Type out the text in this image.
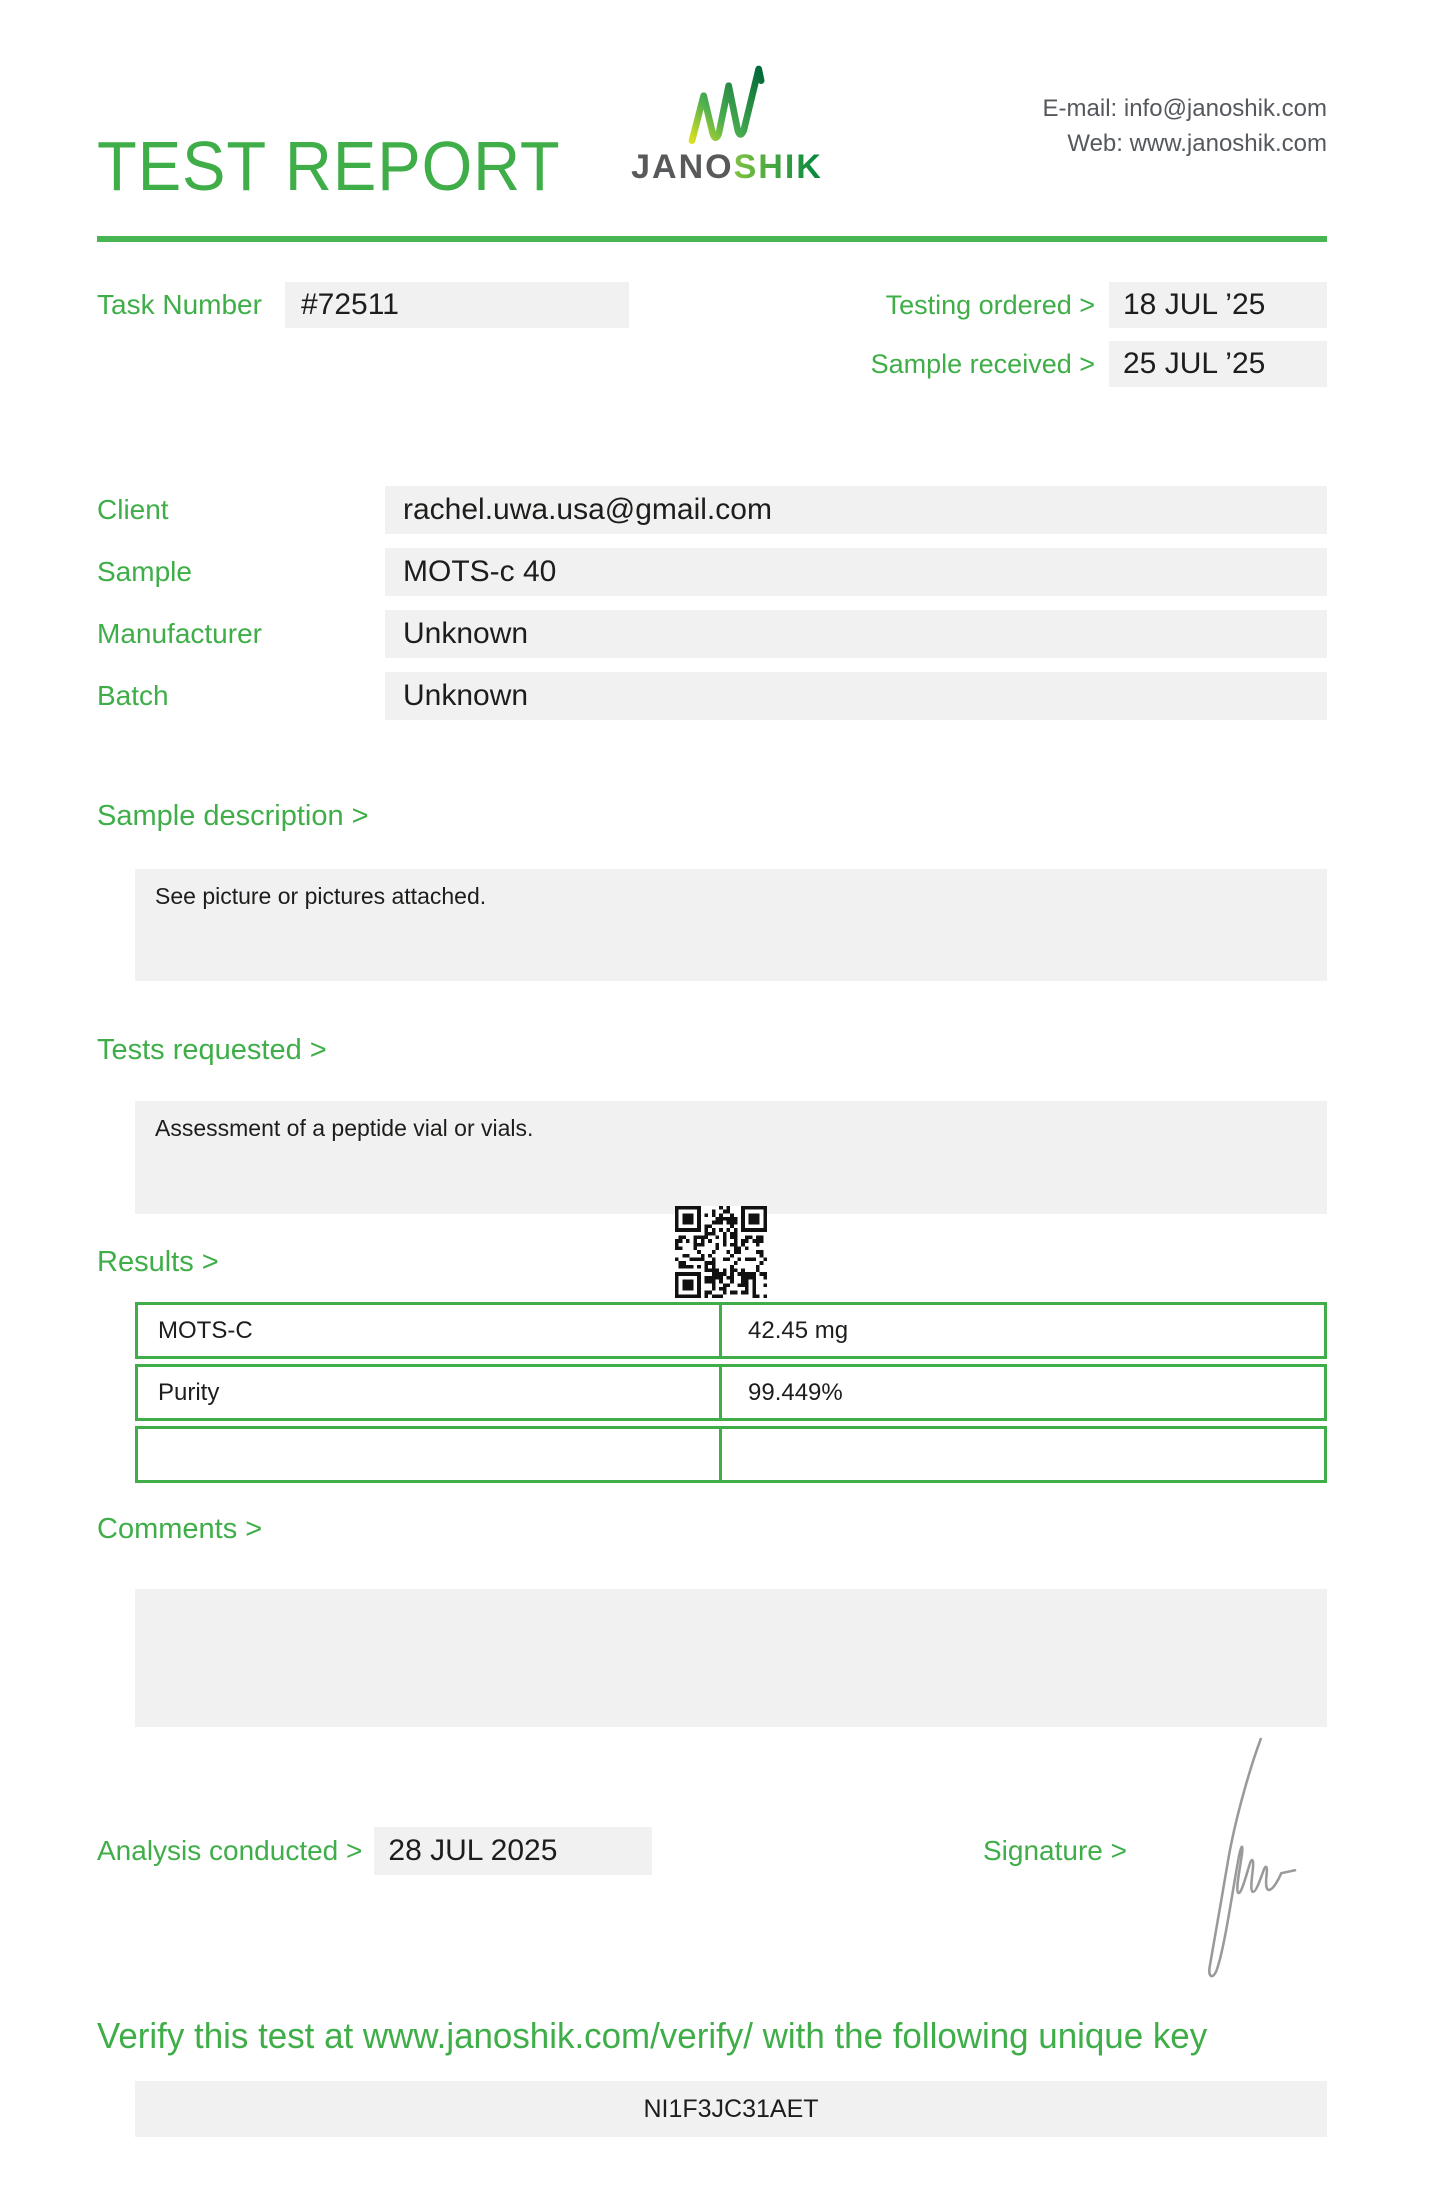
TEST REPORT	JANOSHIK
E-mail: info@janoshik.com
Web: www.janoshik.com
Task Number	#72511	Testing ordered > 18 JUL ’25
Sample received > 25 JUL ’25
Client	rachel.uwa.usa@gmail.com
Sample	MOTS-c 40
Manufacturer	Unknown
Batch	Unknown
Sample description >
See picture or pictures attached.
Tests requested >
Assessment of a peptide vial or vials.
Results >
MOTS-C	42.45 mg
Purity	99.449%
Comments >
Analysis conducted > 28 JUL 2025	Signature >
Verify this test at www.janoshik.com/verify/ with the following unique key
NI1F3JC31AET
